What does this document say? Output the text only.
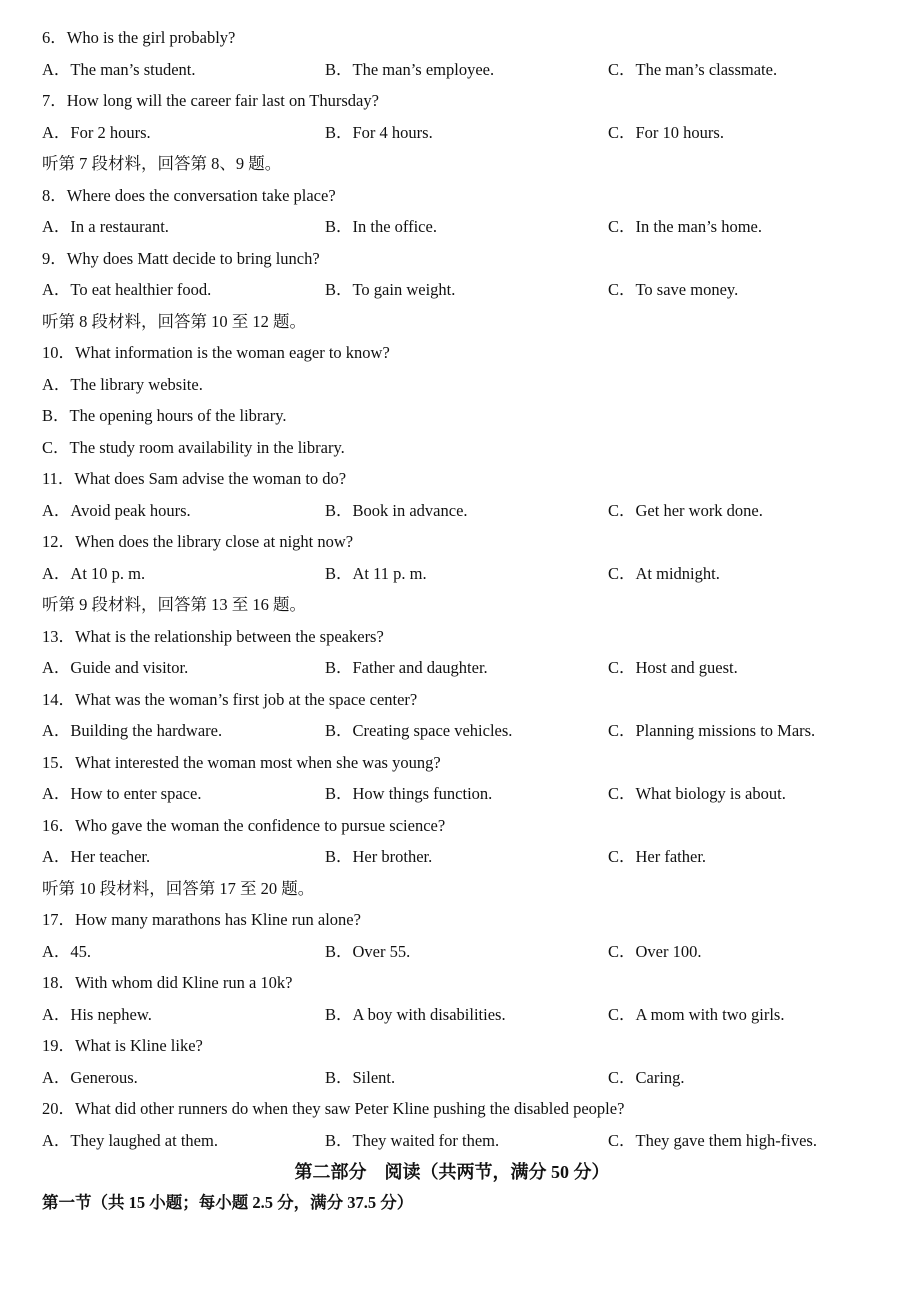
6．Who is the girl probably?
A．The man’s student.	B．The man’s employee.	C．The man’s classmate.
7．How long will the career fair last on Thursday?
A．For 2 hours.	B．For 4 hours.	C．For 10 hours.
听第 7 段材料，回答第 8、9 题。
8．Where does the conversation take place?
A．In a restaurant.	B．In the office.	C．In the man’s home.
9．Why does Matt decide to bring lunch?
A．To eat healthier food.	B．To gain weight.	C．To save money.
听第 8 段材料，回答第 10 至 12 题。
10．What information is the woman eager to know?
A．The library website.
B．The opening hours of the library.
C．The study room availability in the library.
11．What does Sam advise the woman to do?
A．Avoid peak hours.	B．Book in advance.	C．Get her work done.
12．When does the library close at night now?
A．At 10 p. m.	B．At 11 p. m.	C．At midnight.
听第 9 段材料，回答第 13 至 16 题。
13．What is the relationship between the speakers?
A．Guide and visitor.	B．Father and daughter.	C．Host and guest.
14．What was the woman’s first job at the space center?
A．Building the hardware.	B．Creating space vehicles.	C．Planning missions to Mars.
15．What interested the woman most when she was young?
A．How to enter space.	B．How things function.	C．What biology is about.
16．Who gave the woman the confidence to pursue science?
A．Her teacher.	B．Her brother.	C．Her father.
听第 10 段材料，回答第 17 至 20 题。
17．How many marathons has Kline run alone?
A．45.	B．Over 55.	C．Over 100.
18．With whom did Kline run a 10k?
A．His nephew.	B．A boy with disabilities.	C．A mom with two girls.
19．What is Kline like?
A．Generous.	B．Silent.	C．Caring.
20．What did other runners do when they saw Peter Kline pushing the disabled people?
A．They laughed at them.	B．They waited for them.	C．They gave them high-fives.
第二部分　阅读（共两节，满分 50 分）
第一节（共 15 小题；每小题 2.5 分，满分 37.5 分）
